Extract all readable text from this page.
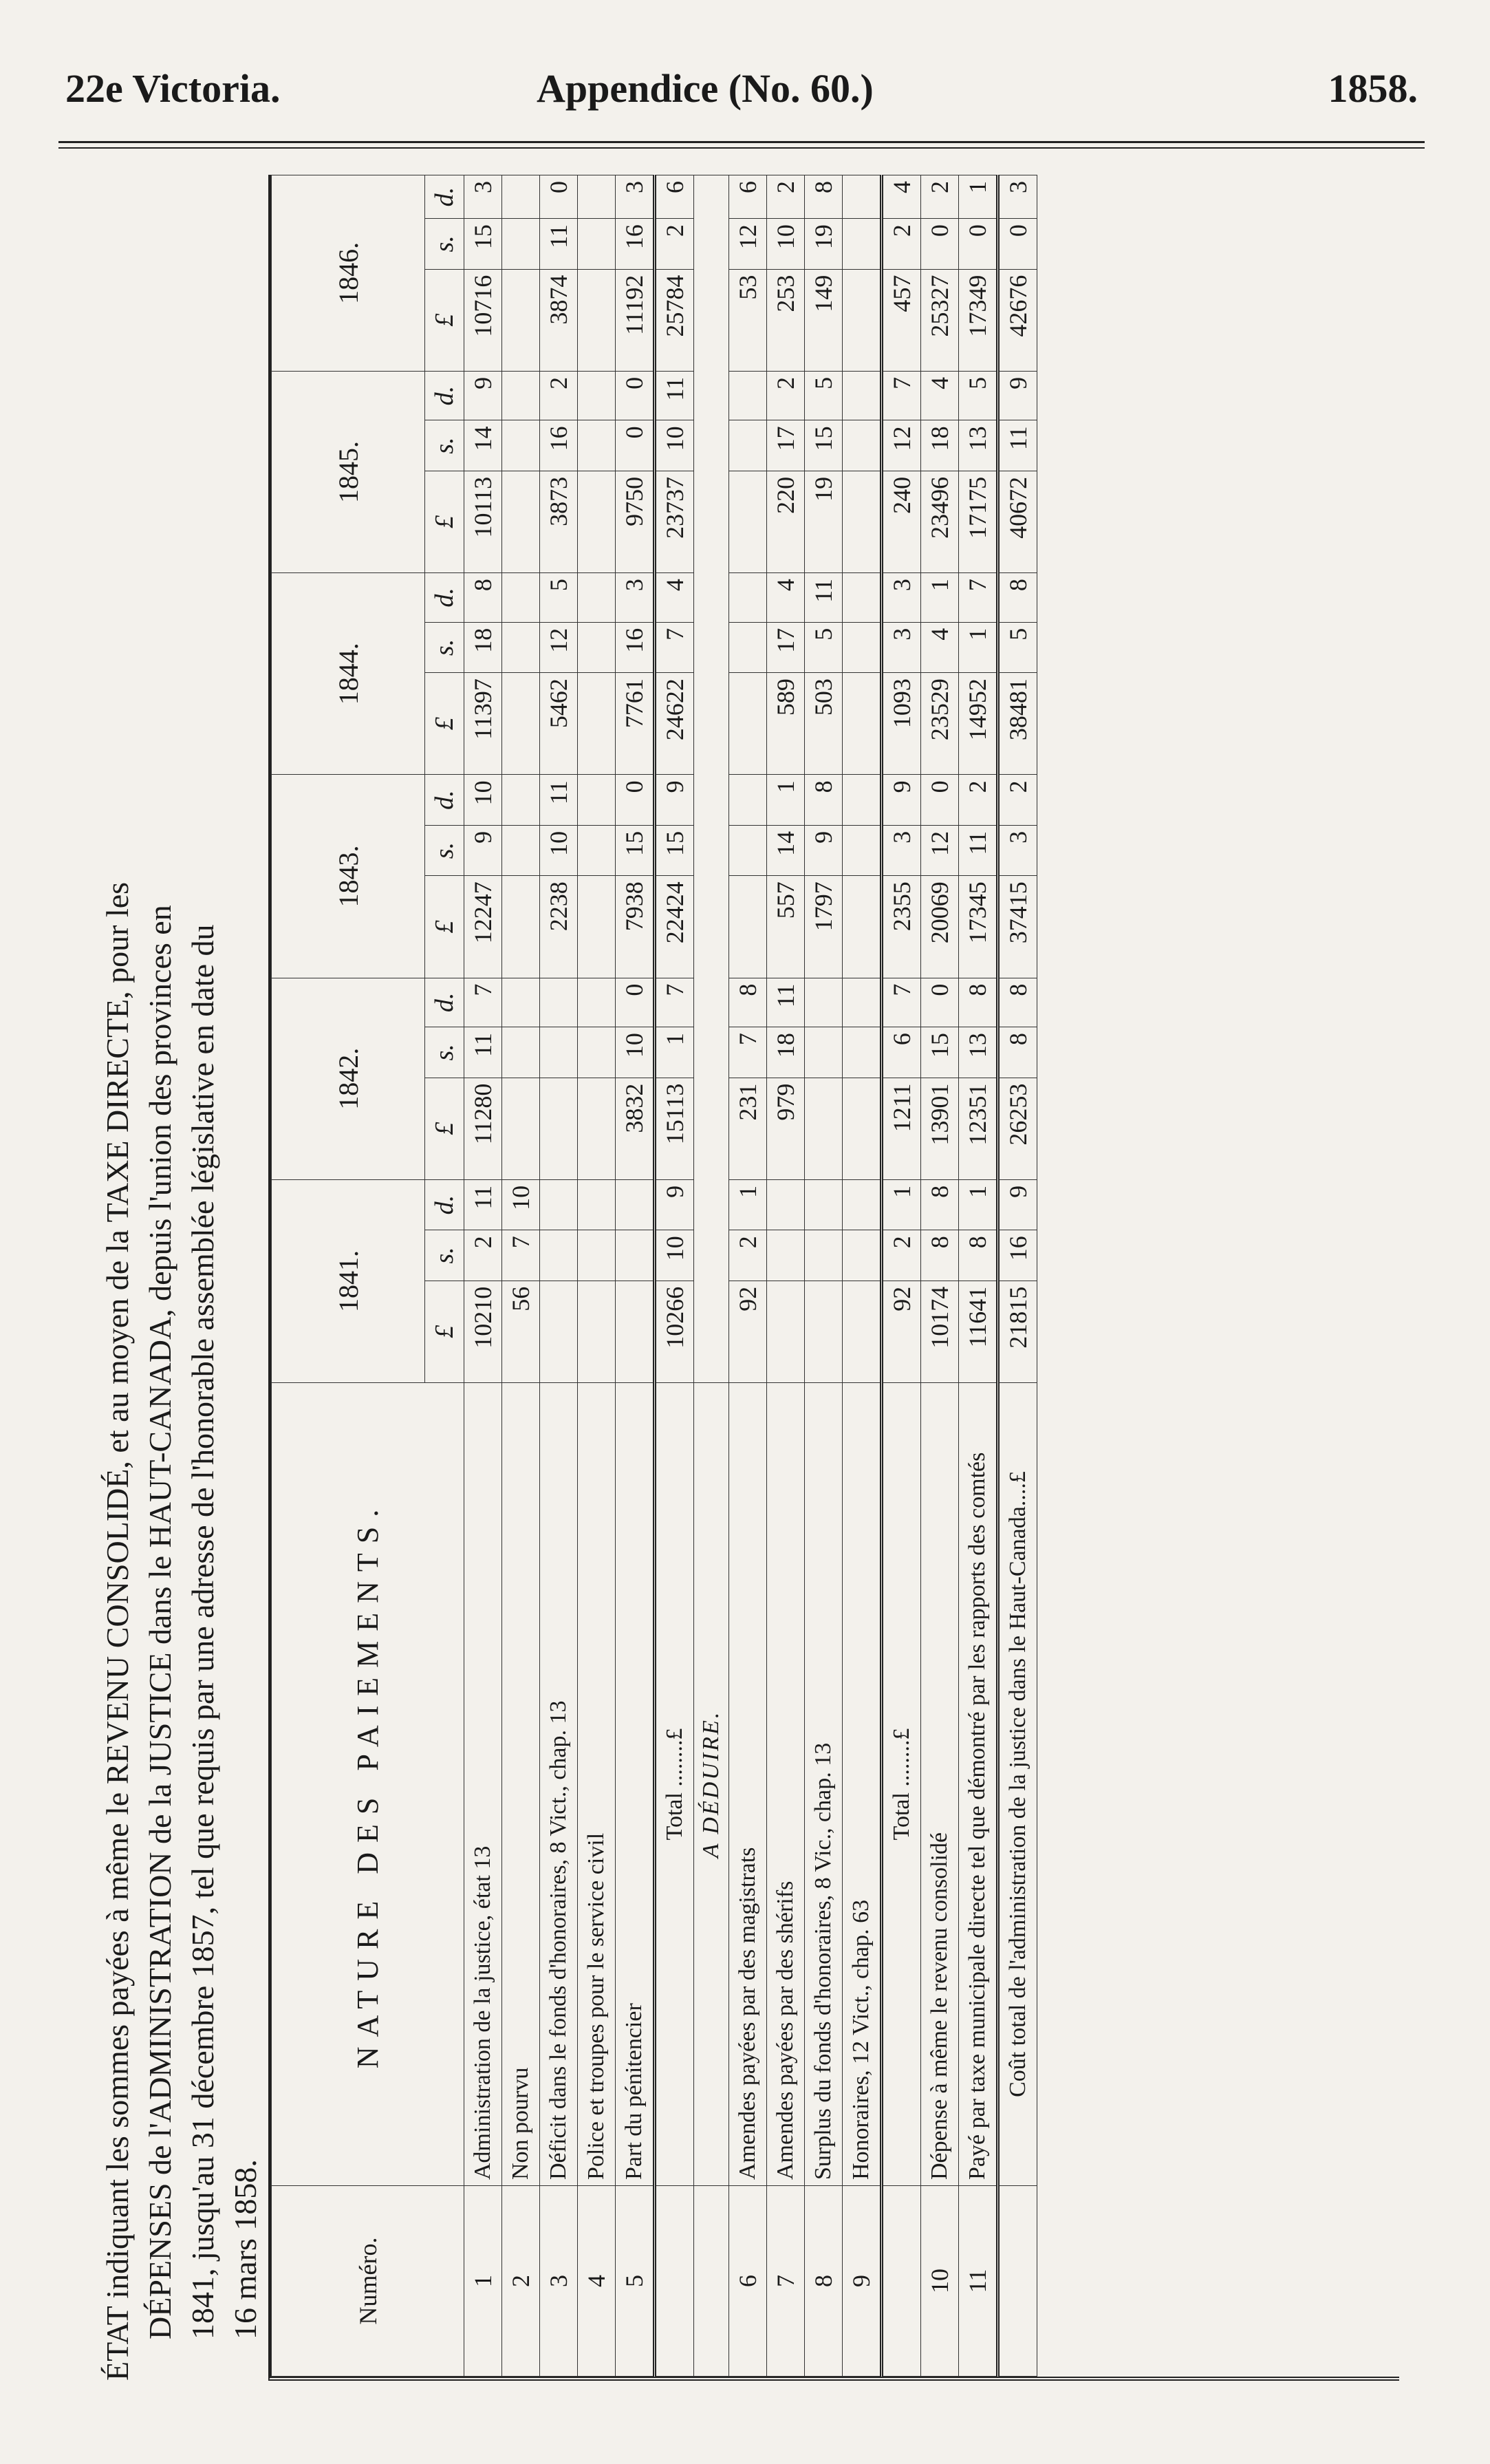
22e Victoria.	Appendice (No. 60.)	1858.
ÉTAT indiquant les sommes payées à même le REVENU CONSOLIDÉ, et au moyen de la TAXE DIRECTE, pour les DÉPENSES de l'ADMINISTRATION de la JUSTICE dans le HAUT-CANADA, depuis l'union des provinces en 1841, jusqu'au 31 décembre 1857, tel que requis par une adresse de l'honorable assemblée législative en date du 16 mars 1858.	Numéro.	NATURE DES PAIEMENTS.	1841.			1842.			1843.			1844.			1845.			1846.		
		£	s.	d.	£	s.	d.	£	s.	d.	£	s.	d.	£	s.	d.	£	s.	d.
1	Administration de la justice, état 13	10210	2	11	11280	11	7	12247	9	10	11397	18	8	10113	14	9	10716	15	3
2	Non pourvu	56	7	10															
3	Déficit dans le fonds d'honoraires, 8 Vict., chap. 13							2238	10	11	5462	12	5	3873	16	2	3874	11	0
4	Police et troupes pour le service civil																		
5	Part du pénitencier				3832	10	0	7938	15	0	7761	16	3	9750	0	0	11192	16	3
	Total ........£	10266	10	9	15113	1	7	22424	15	9	24622	7	4	23737	10	11	25784	2	6
	A DÉDUIRE.																		
6	Amendes payées par des magistrats	92	2	1	231	7	8										53	12	6
7	Amendes payées par des shérifs				979	18	11	557	14	1	589	17	4	220	17	2	253	10	2
8	Surplus du fonds d'honoraires, 8 Vic., chap. 13							1797	9	8	503	5	11	19	15	5	149	19	8
9	Honoraires, 12 Vict., chap. 63																		
	Total ........£	92	2	1	1211	6	7	2355	3	9	1093	3	3	240	12	7	457	2	4
10	Dépense à même le revenu consolidé	10174	8	8	13901	15	0	20069	12	0	23529	4	1	23496	18	4	25327	0	2
11	Payé par taxe municipale directe tel que démontré par les rapports des comtés	11641	8	1	12351	13	8	17345	11	2	14952	1	7	17175	13	5	17349	0	1
	Coût total de l'administration de la justice dans le Haut-Canada....£	21815	16	9	26253	8	8	37415	3	2	38481	5	8	40672	11	9	42676	0	3
